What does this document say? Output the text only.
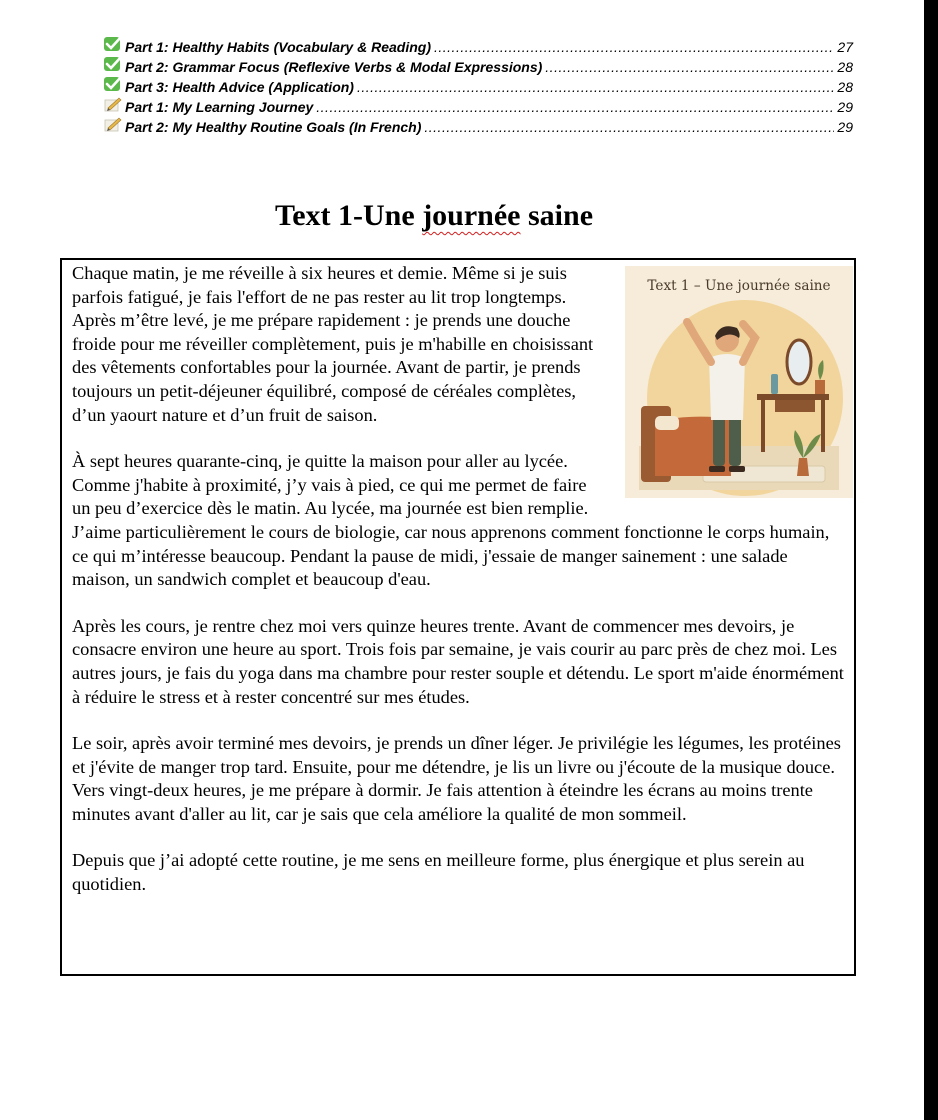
Part 1: Healthy Habits (Vocabulary & Reading) .....	27
Part 2: Grammar Focus (Reflexive Verbs & Modal Expressions) .....	28
Part 3: Health Advice (Application) .....	28
Part 1: My Learning Journey .....	29
Part 2: My Healthy Routine Goals (In French) .....	29
Text 1-Une journée saine
Text 1 – Une journée saine

Chaque matin, je me réveille à six heures et demie. Même si je suis parfois fatigué, je fais l'effort de ne pas rester au lit trop longtemps. Après m’être levé, je me prépare rapidement : je prends une douche froide pour me réveiller complètement, puis je m'habille en choisissant des vêtements confortables pour la journée. Avant de partir, je prends toujours un petit-déjeuner équilibré, composé de céréales complètes, d’un yaourt nature et d’un fruit de saison.

À sept heures quarante-cinq, je quitte la maison pour aller au lycée. Comme j'habite à proximité, j’y vais à pied, ce qui me permet de faire un peu d’exercice dès le matin. Au lycée, ma journée est bien remplie. J’aime particulièrement le cours de biologie, car nous apprenons comment fonctionne le corps humain, ce qui m’intéresse beaucoup. Pendant la pause de midi, j'essaie de manger sainement : une salade maison, un sandwich complet et beaucoup d'eau.

Après les cours, je rentre chez moi vers quinze heures trente. Avant de commencer mes devoirs, je consacre environ une heure au sport. Trois fois par semaine, je vais courir au parc près de chez moi. Les autres jours, je fais du yoga dans ma chambre pour rester souple et détendu. Le sport m'aide énormément à réduire le stress et à rester concentré sur mes études.

Le soir, après avoir terminé mes devoirs, je prends un dîner léger. Je privilégie les légumes, les protéines et j'évite de manger trop tard. Ensuite, pour me détendre, je lis un livre ou j'écoute de la musique douce. Vers vingt-deux heures, je me prépare à dormir. Je fais attention à éteindre les écrans au moins trente minutes avant d'aller au lit, car je sais que cela améliore la qualité de mon sommeil.

Depuis que j’ai adopté cette routine, je me sens en meilleure forme, plus énergique et plus serein au quotidien.
